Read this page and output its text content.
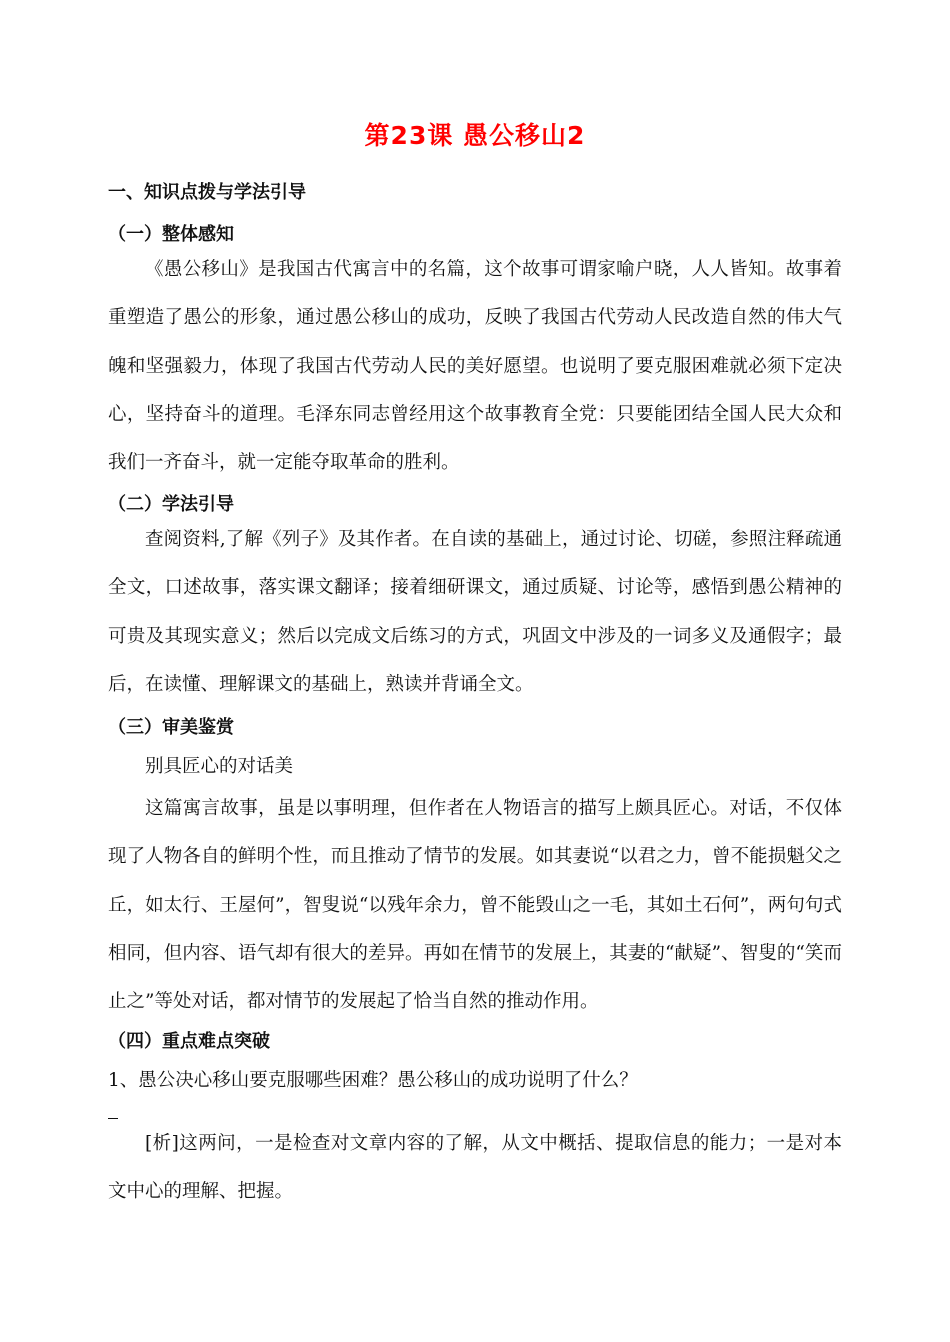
第23课 愚公移山2
一、知识点拨与学法引导
（一）整体感知

《愚公移山》是我国古代寓言中的名篇，这个故事可谓家喻户晓，人人皆知。故事着重塑造了愚公的形象，通过愚公移山的成功，反映了我国古代劳动人民改造自然的伟大气魄和坚强毅力，体现了我国古代劳动人民的美好愿望。也说明了要克服困难就必须下定决心，坚持奋斗的道理。毛泽东同志曾经用这个故事教育全党：只要能团结全国人民大众和我们一齐奋斗，就一定能夺取革命的胜利。

（二）学法引导

查阅资料,了解《列子》及其作者。在自读的基础上，通过讨论、切磋，参照注释疏通全文，口述故事，落实课文翻译；接着细研课文，通过质疑、讨论等，感悟到愚公精神的可贵及其现实意义；然后以完成文后练习的方式，巩固文中涉及的一词多义及通假字；最后，在读懂、理解课文的基础上，熟读并背诵全文。

（三）审美鉴赏
别具匠心的对话美

这篇寓言故事，虽是以事明理，但作者在人物语言的描写上颇具匠心。对话，不仅体现了人物各自的鲜明个性，而且推动了情节的发展。如其妻说“以君之力，曾不能损魁父之丘，如太行、王屋何”，智叟说“以残年余力，曾不能毁山之一毛，其如土石何”，两句句式相同，但内容、语气却有很大的差异。再如在情节的发展上，其妻的“献疑”、智叟的“笑而止之”等处对话，都对情节的发展起了恰当自然的推动作用。

（四）重点难点突破
1、愚公决心移山要克服哪些困难？愚公移山的成功说明了什么？

[析]这两问，一是检查对文章内容的了解，从文中概括、提取信息的能力；一是对本文中心的理解、把握。
